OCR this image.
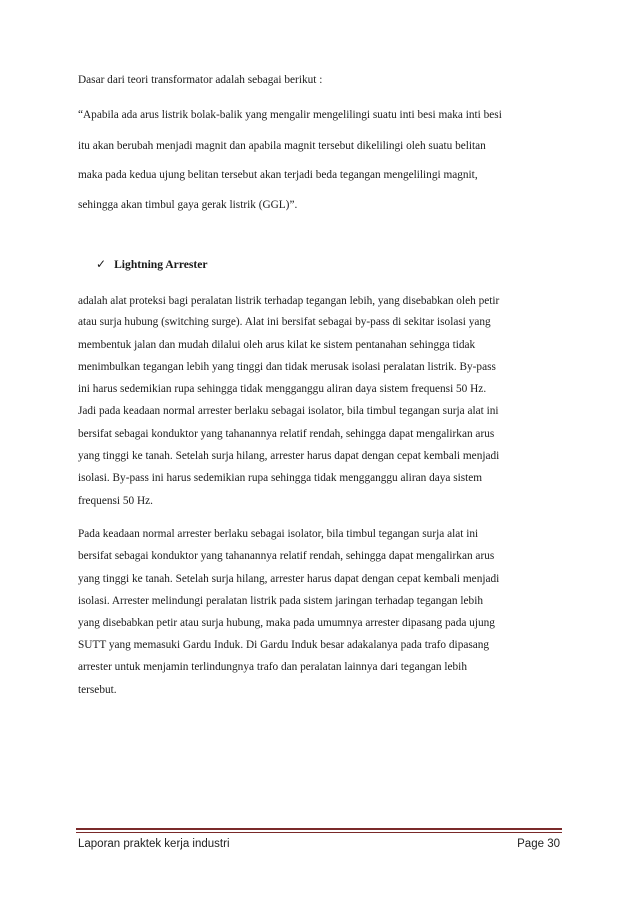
Dasar dari teori transformator adalah sebagai berikut :
“Apabila ada arus listrik bolak-balik yang mengalir mengelilingi suatu inti besi maka inti besi
itu akan berubah menjadi magnit dan apabila magnit tersebut dikelilingi oleh suatu belitan
maka pada kedua ujung belitan tersebut akan terjadi beda tegangan mengelilingi magnit,
sehingga akan timbul gaya gerak listrik (GGL)”.
✓ Lightning Arrester
adalah alat proteksi bagi peralatan listrik terhadap tegangan lebih, yang disebabkan oleh petir
atau surja hubung (switching surge). Alat ini bersifat sebagai by-pass di sekitar isolasi yang
membentuk jalan dan mudah dilalui oleh arus kilat ke sistem pentanahan sehingga tidak
menimbulkan tegangan lebih yang tinggi dan tidak merusak isolasi peralatan listrik. By-pass
ini harus sedemikian rupa sehingga tidak mengganggu aliran daya sistem frequensi 50 Hz.
Jadi pada keadaan normal arrester berlaku sebagai isolator, bila timbul tegangan surja alat ini
bersifat sebagai konduktor yang tahanannya relatif rendah, sehingga dapat mengalirkan arus
yang tinggi ke tanah. Setelah surja hilang, arrester harus dapat dengan cepat kembali menjadi
isolasi. By-pass ini harus sedemikian rupa sehingga tidak mengganggu aliran daya sistem
frequensi 50 Hz.
Pada keadaan normal arrester berlaku sebagai isolator, bila timbul tegangan surja alat ini
bersifat sebagai konduktor yang tahanannya relatif rendah, sehingga dapat mengalirkan arus
yang tinggi ke tanah. Setelah surja hilang, arrester harus dapat dengan cepat kembali menjadi
isolasi. Arrester melindungi peralatan listrik pada sistem jaringan terhadap tegangan lebih
yang disebabkan petir atau surja hubung, maka pada umumnya arrester dipasang pada ujung
SUTT yang memasuki Gardu Induk. Di Gardu Induk besar adakalanya pada trafo dipasang
arrester untuk menjamin terlindungnya trafo dan peralatan lainnya dari tegangan lebih
tersebut.
Laporan praktek kerja industri	Page 30
